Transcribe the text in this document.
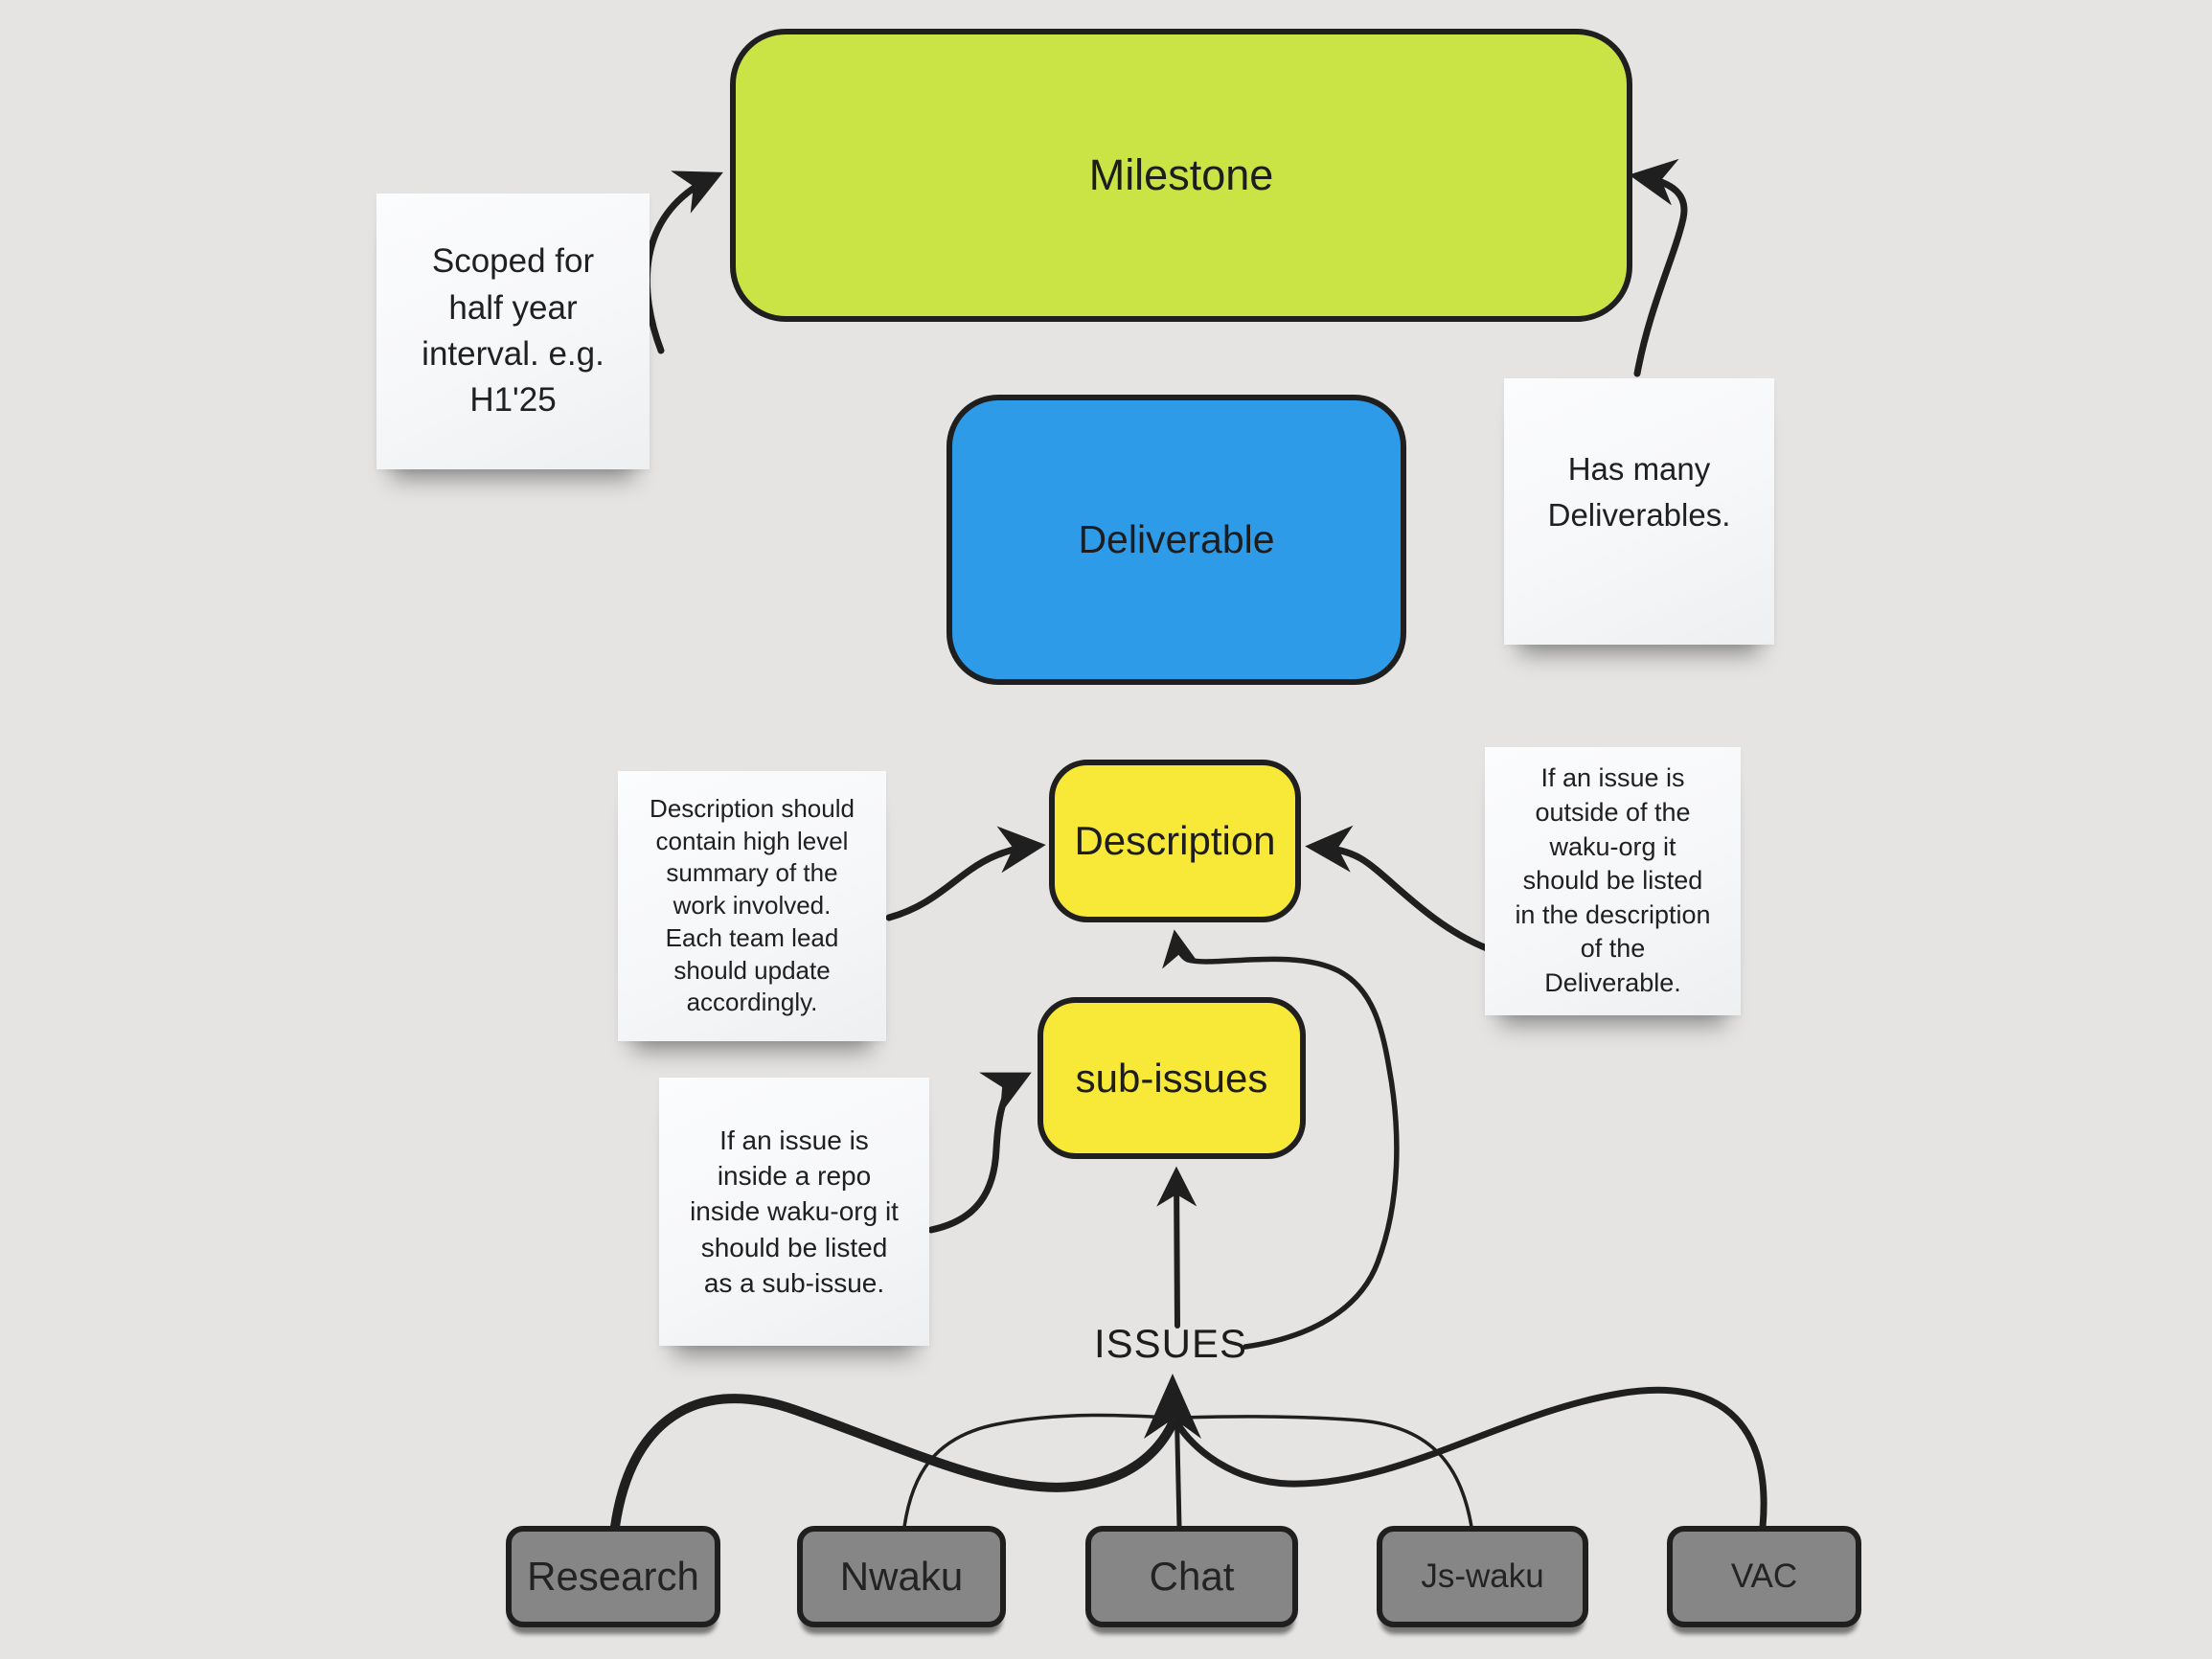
Milestone
Deliverable
Description
sub-issues
ISSUES
Scoped for half year interval. e.g. H1'25
Has many Deliverables.
Description should contain high level summary of the work involved. Each team lead should update accordingly.
If an issue is outside of the waku-org it should be listed in the description of the Deliverable.
If an issue is inside a repo inside waku-org it should be listed as a sub-issue.
Research	Nwaku	Chat	Js-waku	VAC
